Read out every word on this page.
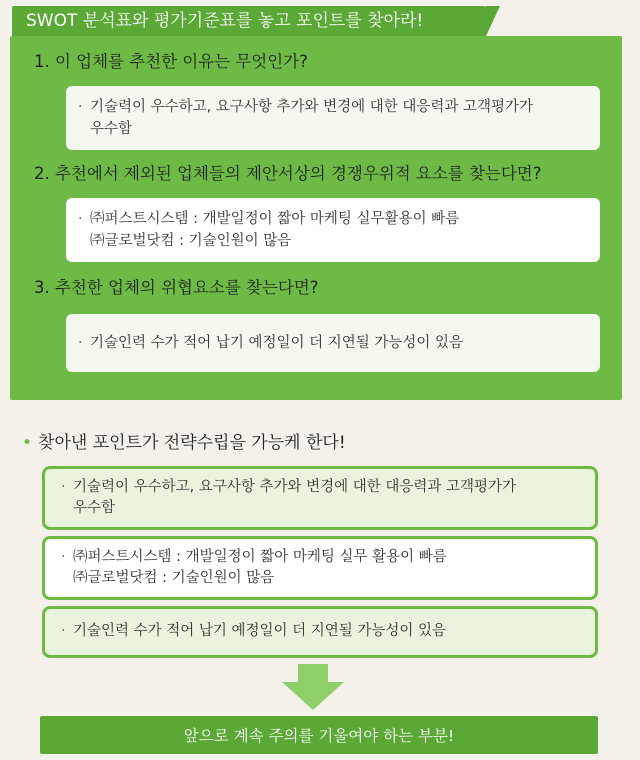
SWOT 분석표와 평가기준표를 놓고 포인트를 찾아라!
1. 이 업체를 추천한 이유는 무엇인가?
· 기술력이 우수하고, 요구사항 추가와 변경에 대한 대응력과 고객평가가
우수함
2. 추천에서 제외된 업체들의 제안서상의 경쟁우위적 요소를 찾는다면?
· ㈜퍼스트시스템 : 개발일정이 짧아 마케팅 실무활용이 빠름
㈜글로벌닷컴 : 기술인원이 많음
3. 추천한 업체의 위협요소를 찾는다면?
· 기술인력 수가 적어 납기 예정일이 더 지연될 가능성이 있음
• 찾아낸 포인트가 전략수립을 가능케 한다!
· 기술력이 우수하고, 요구사항 추가와 변경에 대한 대응력과 고객평가가
우수함
· ㈜퍼스트시스템 : 개발일정이 짧아 마케팅 실무 활용이 빠름
㈜글로벌닷컴 : 기술인원이 많음
· 기술인력 수가 적어 납기 예정일이 더 지연될 가능성이 있음
앞으로 계속 주의를 기울여야 하는 부분!
